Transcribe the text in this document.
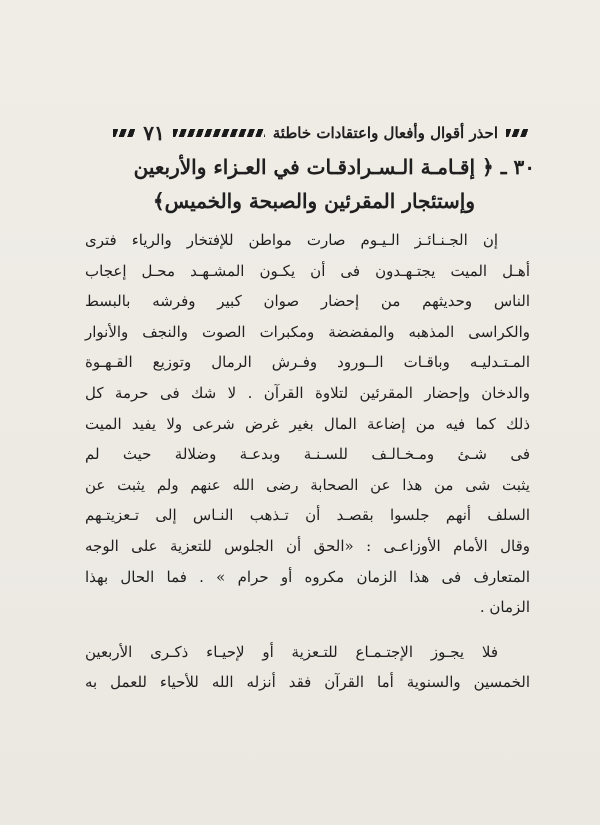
احذر أقوال وأفعال واعتقادات خاطئة
٧١
٣٠ ـ ﴿ إقـامـة الـسـرادقـات في العـزاء والأربعين
وإستئجار المقرئين والصبحة والخميس﴾

إن الجـنـائـز الـيـوم صارت مواطن للإفتخار والرياء فترى
أهـل الميت يجتـهـدون فى أن يكـون المشـهـد محـل إعجاب
الناس وحديثهم من إحضار صوان كبير وفرشه بالبسط
والكراسى المذهبه والمفضضة ومكبرات الصوت والنجف والأنوار
المـتـدليـه وباقـات الــورود وفـرش الرمال وتوزيع القـهـوة
والدخان وإحضار المقرئين لتلاوة القرآن . لا شك فى حرمة كل
ذلك كما فيه من إضاعة المال بغير غرض شرعى ولا يفيد الميت
فى شـئ ومـخـالـف للسـنـة وبدعـة وضلالة حيث لم
يثبت شى من هذا عن الصحابة رضى الله عنهم ولم يثبت عن
السلف أنهم جلسوا بقصـد أن تـذهب النـاس إلى تـعزيتـهم
وقال الأمام الأوزاعـى : «الحق أن الجلوس للتعزية على الوجه
المتعارف فى هذا الزمان مكروه أو حرام » . فما الحال بهذا
الزمان .

فلا يجـوز الإجتـمـاع للتـعزية أو لإحيـاء ذكـرى الأربعين
الخمسين والسنوية أما القرآن فقد أنزله الله للأحياء للعمل به
